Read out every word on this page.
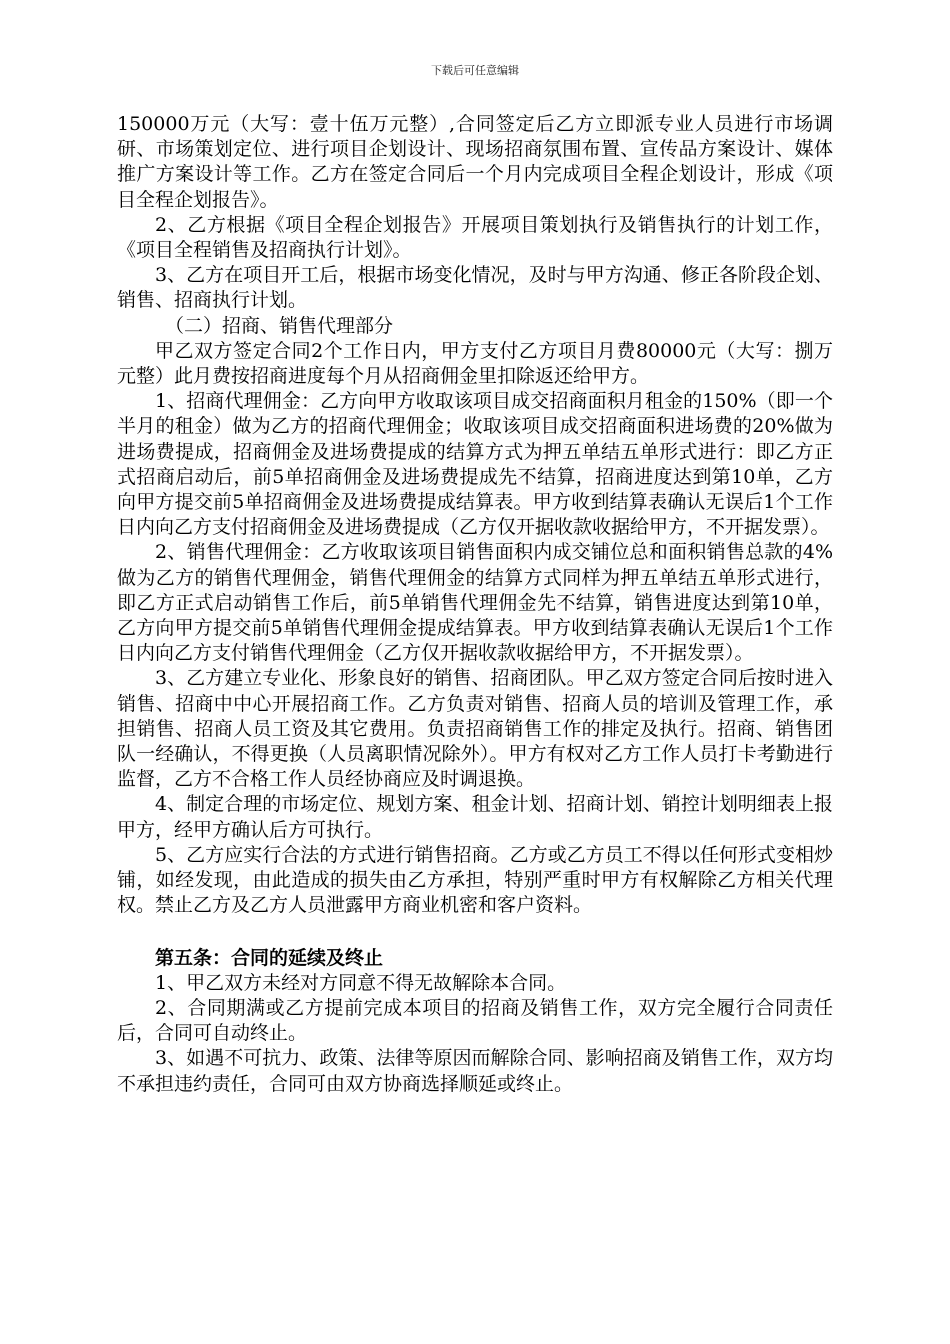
下载后可任意编辑

150000万元（大写：壹十伍万元整）,合同签定后乙方立即派专业人员进行市场调研、市场策划定位、进行项目企划设计、现场招商氛围布置、宣传品方案设计、媒体推广方案设计等工作。乙方在签定合同后一个月内完成项目全程企划设计，形成《项目全程企划报告》。

2、乙方根据《项目全程企划报告》开展项目策划执行及销售执行的计划工作，《项目全程销售及招商执行计划》。

3、乙方在项目开工后，根据市场变化情况，及时与甲方沟通、修正各阶段企划、销售、招商执行计划。

（二）招商、销售代理部分

甲乙双方签定合同2个工作日内，甲方支付乙方项目月费80000元（大写：捌万元整）此月费按招商进度每个月从招商佣金里扣除返还给甲方。

1、招商代理佣金：乙方向甲方收取该项目成交招商面积月租金的150%（即一个半月的租金）做为乙方的招商代理佣金；收取该项目成交招商面积进场费的20%做为进场费提成，招商佣金及进场费提成的结算方式为押五单结五单形式进行：即乙方正式招商启动后，前5单招商佣金及进场费提成先不结算，招商进度达到第10单，乙方向甲方提交前5单招商佣金及进场费提成结算表。甲方收到结算表确认无误后1个工作日内向乙方支付招商佣金及进场费提成（乙方仅开据收款收据给甲方，不开据发票）。

2、销售代理佣金：乙方收取该项目销售面积内成交铺位总和面积销售总款的4%做为乙方的销售代理佣金，销售代理佣金的结算方式同样为押五单结五单形式进行，即乙方正式启动销售工作后，前5单销售代理佣金先不结算，销售进度达到第10单，乙方向甲方提交前5单销售代理佣金提成结算表。甲方收到结算表确认无误后1个工作日内向乙方支付销售代理佣金（乙方仅开据收款收据给甲方，不开据发票）。

3、乙方建立专业化、形象良好的销售、招商团队。甲乙双方签定合同后按时进入销售、招商中中心开展招商工作。乙方负责对销售、招商人员的培训及管理工作，承担销售、招商人员工资及其它费用。负责招商销售工作的排定及执行。招商、销售团队一经确认，不得更换（人员离职情况除外）。甲方有权对乙方工作人员打卡考勤进行监督，乙方不合格工作人员经协商应及时调退换。

4、制定合理的市场定位、规划方案、租金计划、招商计划、销控计划明细表上报甲方，经甲方确认后方可执行。

5、乙方应实行合法的方式进行销售招商。乙方或乙方员工不得以任何形式变相炒铺，如经发现，由此造成的损失由乙方承担，特别严重时甲方有权解除乙方相关代理权。禁止乙方及乙方人员泄露甲方商业机密和客户资料。

第五条：合同的延续及终止

1、甲乙双方未经对方同意不得无故解除本合同。

2、合同期满或乙方提前完成本项目的招商及销售工作，双方完全履行合同责任后，合同可自动终止。

3、如遇不可抗力、政策、法律等原因而解除合同、影响招商及销售工作，双方均不承担违约责任，合同可由双方协商选择顺延或终止。
